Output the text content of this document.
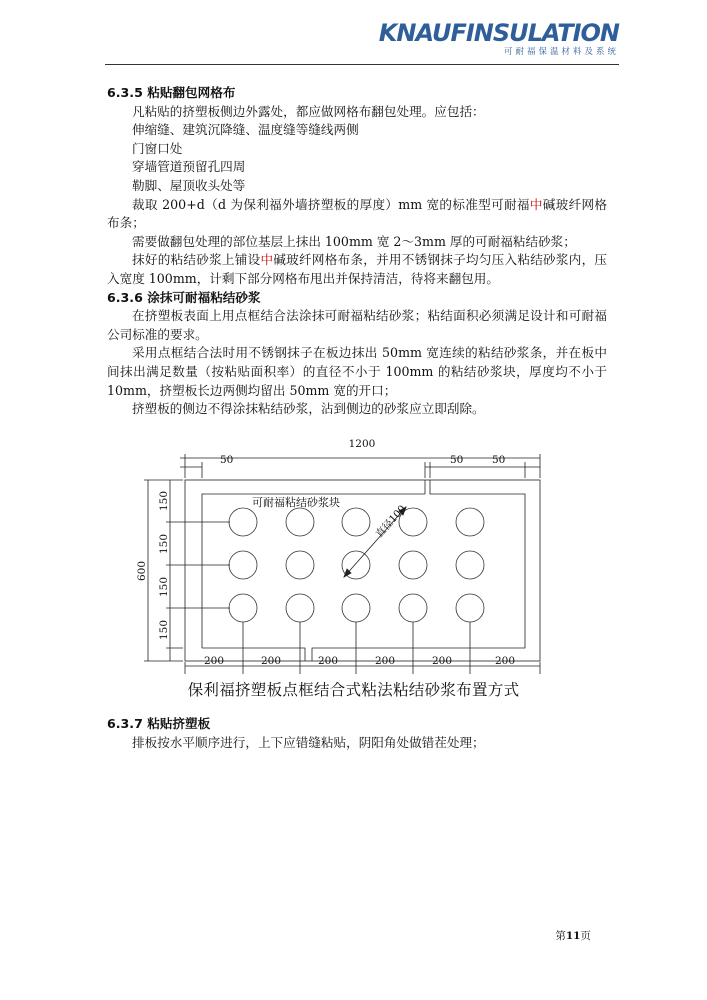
KNAUFINSULATION
可耐福保温材料及系统

6.3.5 粘贴翻包网格布

凡粘贴的挤塑板侧边外露处，都应做网格布翻包处理。应包括：

伸缩缝、建筑沉降缝、温度缝等缝线两侧

门窗口处

穿墙管道预留孔四周

勒脚、屋顶收头处等

裁取 200+d（d 为保利福外墙挤塑板的厚度）mm 宽的标准型可耐福中碱玻纤网格布条；

需要做翻包处理的部位基层上抹出 100mm 宽 2～3mm 厚的可耐福粘结砂浆；

抹好的粘结砂浆上铺设中碱玻纤网格布条，并用不锈钢抹子均匀压入粘结砂浆内，压入宽度 100mm，计剩下部分网格布甩出并保持清洁，待将来翻包用。

6.3.6 涂抹可耐福粘结砂浆

在挤塑板表面上用点框结合法涂抹可耐福粘结砂浆；粘结面积必须满足设计和可耐福公司标准的要求。

采用点框结合法时用不锈钢抹子在板边抹出 50mm 宽连续的粘结砂浆条，并在板中间抹出满足数量（按粘贴面积率）的直径不小于 100mm 的粘结砂浆块，厚度均不小于 10mm，挤塑板长边两侧均留出 50mm 宽的开口；

挤塑板的侧边不得涂抹粘结砂浆，沾到侧边的砂浆应立即刮除。

1200
50	50	50
600
150
150
150
150
200	200	200	200	200	200
可耐福粘结砂浆块
直径100
保利福挤塑板点框结合式粘法粘结砂浆布置方式

6.3.7 粘贴挤塑板

排板按水平顺序进行，上下应错缝粘贴，阴阳角处做错茬处理；

第11页
